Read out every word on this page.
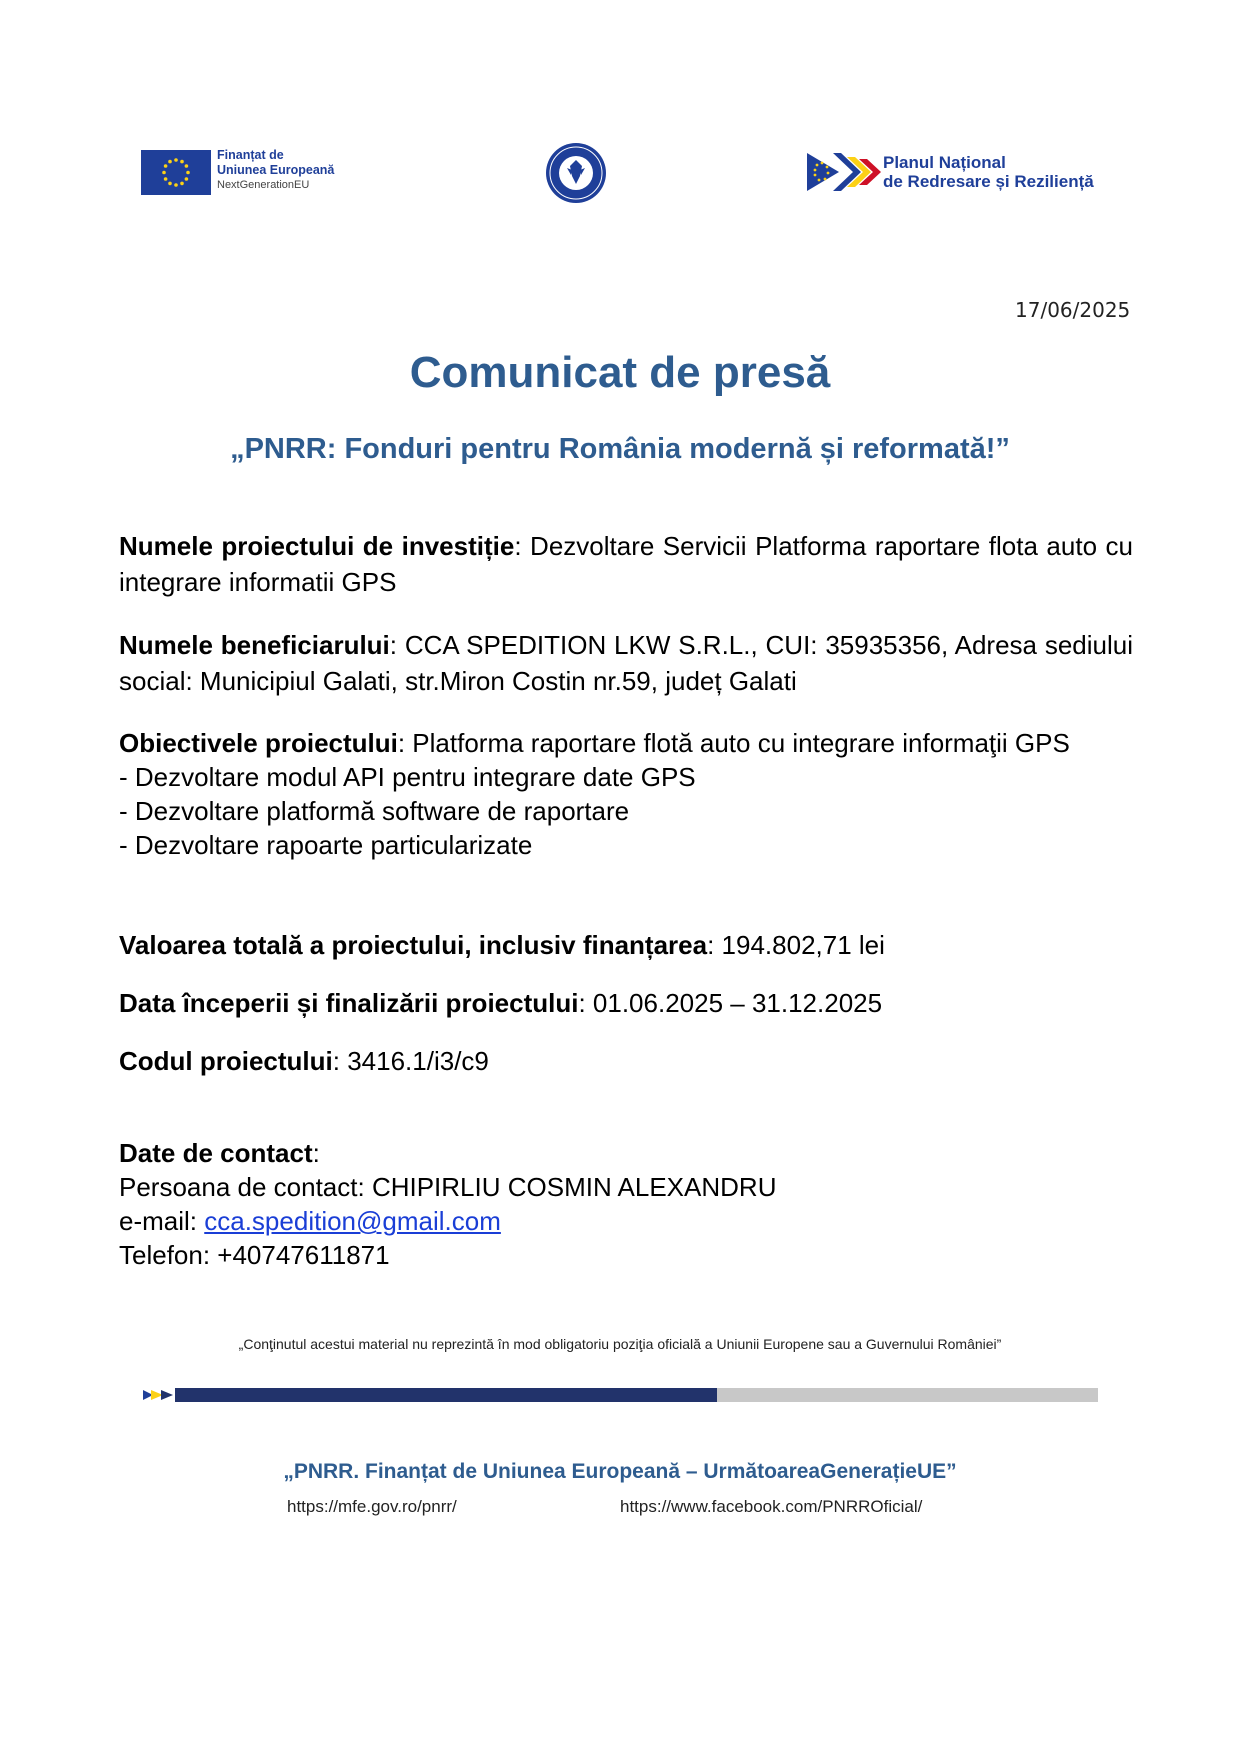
Finanțat de
Uniunea Europeană
NextGenerationEU
Planul Național
de Redresare și Reziliență
17/06/2025
Comunicat de presă
„PNRR: Fonduri pentru România modernă și reformată!”
Numele proiectului de investiție: Dezvoltare Servicii Platforma raportare flota auto cu integrare informatii GPS
Numele beneficiarului: CCA SPEDITION LKW S.R.L., CUI: 35935356, Adresa sediului social: Municipiul Galati, str.Miron Costin nr.59, județ Galati
Obiectivele proiectului: Platforma raportare flotă auto cu integrare informaţii GPS
- Dezvoltare modul API pentru integrare date GPS
- Dezvoltare platformă software de raportare
- Dezvoltare rapoarte particularizate
Valoarea totală a proiectului, inclusiv finanțarea: 194.802,71 lei
Data începerii și finalizării proiectului: 01.06.2025 – 31.12.2025
Codul proiectului: 3416.1/i3/c9
Date de contact:
Persoana de contact: CHIPIRLIU COSMIN ALEXANDRU
e-mail: cca.spedition@gmail.com
Telefon: +40747611871
„Conţinutul acestui material nu reprezintă în mod obligatoriu poziţia oficială a Uniunii Europene sau a Guvernului României”
„PNRR. Finanțat de Uniunea Europeană – UrmătoareaGenerațieUE”
https://mfe.gov.ro/pnrr/	https://www.facebook.com/PNRROficial/
